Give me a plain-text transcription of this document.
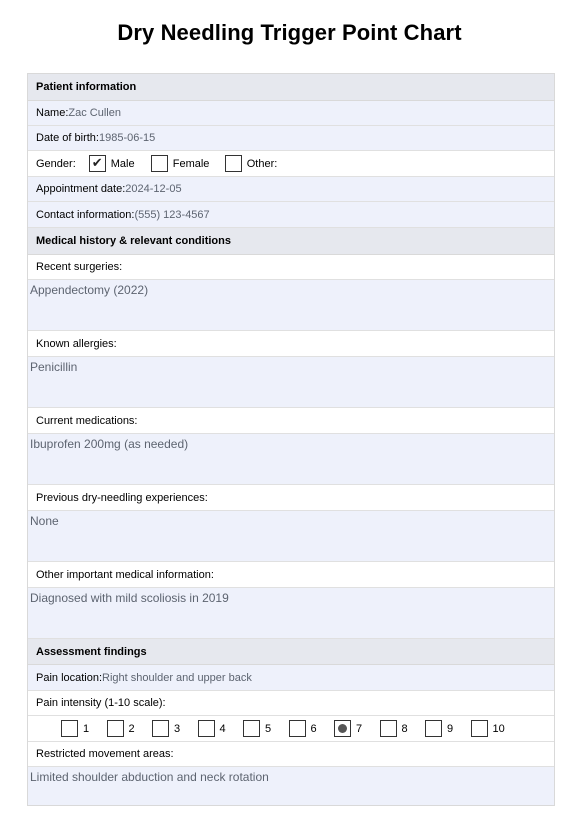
Dry Needling Trigger Point Chart
Patient information
Name: Zac Cullen
Date of birth: 1985-06-15
Gender: ✔ Male	Female	Other:
Appointment date: 2024-12-05
Contact information: (555) 123-4567
Medical history & relevant conditions
Recent surgeries:
Appendectomy (2022)
Known allergies:
Penicillin
Current medications:
Ibuprofen 200mg (as needed)
Previous dry-needling experiences:
None
Other important medical information:
Diagnosed with mild scoliosis in 2019
Assessment findings
Pain location: Right shoulder and upper back
Pain intensity (1-10 scale):
1	2	3	4	5	6	7	8	9	10
Restricted movement areas:
Limited shoulder abduction and neck rotation
